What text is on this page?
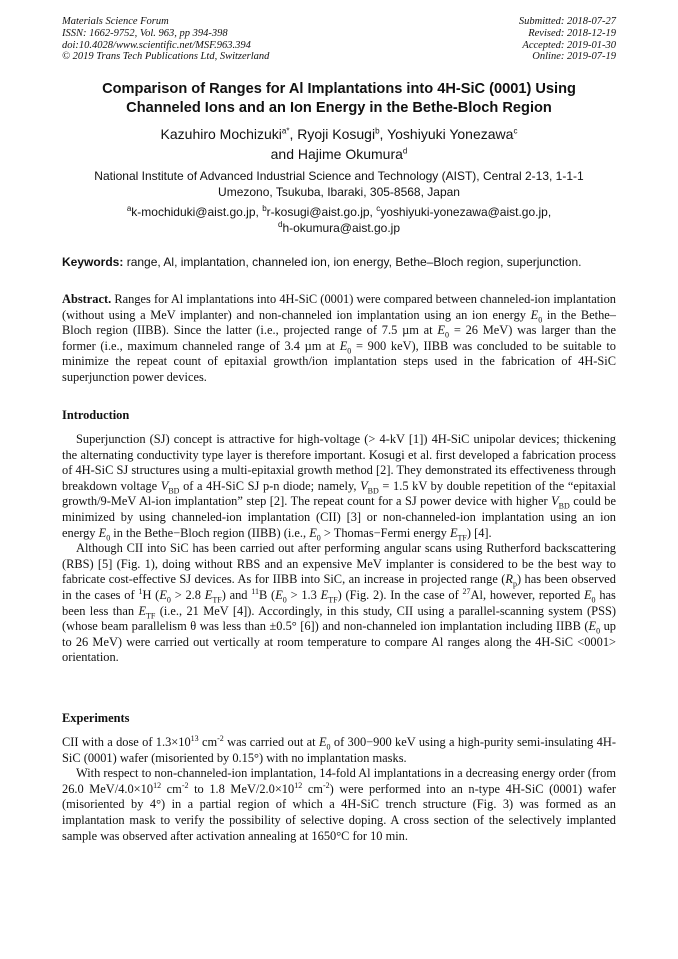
Materials Science Forum
ISSN: 1662-9752, Vol. 963, pp 394-398
doi:10.4028/www.scientific.net/MSF.963.394
© 2019 Trans Tech Publications Ltd, Switzerland
Submitted: 2018-07-27
Revised: 2018-12-19
Accepted: 2019-01-30
Online: 2019-07-19
Comparison of Ranges for Al Implantations into 4H-SiC (0001) Using
Channeled Ions and an Ion Energy in the Bethe-Bloch Region
Kazuhiro Mochizuki$^{a*}$, Ryoji Kosugi$^b$, Yoshiyuki Yonezawa$^c$
and Hajime Okumura$^d$
National Institute of Advanced Industrial Science and Technology (AIST), Central 2-13, 1-1-1
Umezono, Tsukuba, Ibaraki, 305-8568, Japan
$^a$k-mochiduki@aist.go.jp, $^b$r-kosugi@aist.go.jp, $^c$yoshiyuki-yonezawa@aist.go.jp,
$^d$h-okumura@aist.go.jp
Keywords: range, Al, implantation, channeled ion, ion energy, Bethe–Bloch region, superjunction.

Abstract. Ranges for Al implantations into 4H-SiC (0001) were compared between channeled-ion implantation (without using a MeV implanter) and non-channeled ion implantation using an ion energy $E_0$ in the Bethe–Bloch region (IIBB). Since the latter (i.e., projected range of 7.5 µm at $E_0 = 26$ MeV) was larger than the former (i.e., maximum channeled range of 3.4 µm at $E_0 = 900$ keV), IIBB was concluded to be suitable to minimize the repeat count of epitaxial growth/ion implantation steps used in the fabrication of 4H-SiC superjunction power devices.

Introduction

Superjunction (SJ) concept is attractive for high-voltage (> 4-kV [1]) 4H-SiC unipolar devices; thickening the alternating conductivity type layer is therefore important. Kosugi et al. first developed a fabrication process of 4H-SiC SJ structures using a multi-epitaxial growth method [2]. They demonstrated its effectiveness through breakdown voltage $V_{BD}$ of a 4H-SiC SJ p-n diode; namely, $V_{BD} = 1.5$ kV by double repetition of the “epitaxial growth/9-MeV Al-ion implantation” step [2]. The repeat count for a SJ power device with higher $V_{BD}$ could be minimized by using channeled-ion implantation (CII) [3] or non-channeled-ion implantation using an ion energy $E_0$ in the Bethe−Bloch region (IIBB) (i.e., $E_0$ > Thomas−Fermi energy $E_{TF}$) [4].

Although CII into SiC has been carried out after performing angular scans using Rutherford backscattering (RBS) [5] (Fig. 1), doing without RBS and an expensive MeV implanter is considered to be the best way to fabricate cost-effective SJ devices. As for IIBB into SiC, an increase in projected range $(R_p)$ has been observed in the cases of $^1$H ($E_0 > 2.8$ $E_{TF}$) and $^{11}$B ($E_0 > 1.3$ $E_{TF}$) (Fig. 2). In the case of $^{27}$Al, however, reported $E_0$ has been less than $E_{TF}$ (i.e., 21 MeV [4]). Accordingly, in this study, CII using a parallel-scanning system (PSS) (whose beam parallelism θ was less than ±0.5° [6]) and non-channeled ion implantation including IIBB ($E_0$ up to 26 MeV) were carried out vertically at room temperature to compare Al ranges along the 4H-SiC <0001> orientation.

Experiments

CII with a dose of $1.3\times 10^{13}$ $cm^{-2}$ was carried out at $E_0$ of 300−900 keV using a high-purity semi-insulating 4H-SiC (0001) wafer (misoriented by 0.15°) with no implantation masks.

With respect to non-channeled-ion implantation, 14-fold Al implantations in a decreasing energy order (from 26.0 MeV/$4.0\times 10^{12}$ $cm^{-2}$ to 1.8 MeV/$2.0\times 10^{12}$ $cm^{-2}$) were performed into an n-type 4H-SiC (0001) wafer (misoriented by 4°) in a partial region of which a 4H-SiC trench structure (Fig. 3) was formed as an implantation mask to verify the possibility of selective doping. A cross section of the selectively implanted sample was observed after activation annealing at 1650°C for 10 min.
